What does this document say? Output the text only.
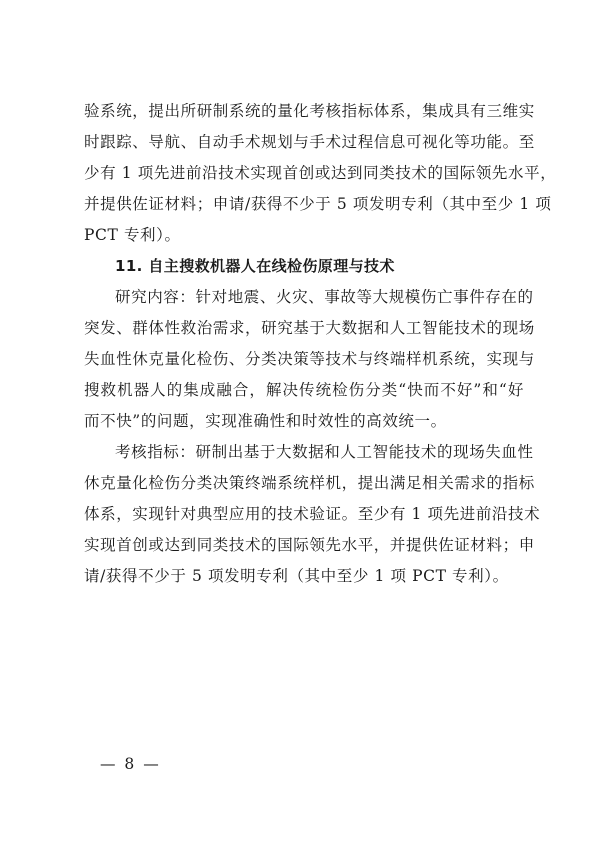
验系统，提出所研制系统的量化考核指标体系，集成具有三维实
时跟踪、导航、自动手术规划与手术过程信息可视化等功能。至
少有 1 项先进前沿技术实现首创或达到同类技术的国际领先水平，
并提供佐证材料；申请/获得不少于 5 项发明专利（其中至少 1 项
PCT 专利）。
11. 自主搜救机器人在线检伤原理与技术
研究内容：针对地震、火灾、事故等大规模伤亡事件存在的
突发、群体性救治需求，研究基于大数据和人工智能技术的现场
失血性休克量化检伤、分类决策等技术与终端样机系统，实现与
搜救机器人的集成融合，解决传统检伤分类“快而不好”和“好
而不快”的问题，实现准确性和时效性的高效统一。
考核指标：研制出基于大数据和人工智能技术的现场失血性
休克量化检伤分类决策终端系统样机，提出满足相关需求的指标
体系，实现针对典型应用的技术验证。至少有 1 项先进前沿技术
实现首创或达到同类技术的国际领先水平，并提供佐证材料；申
请/获得不少于 5 项发明专利（其中至少 1 项 PCT 专利）。
— 8 —
